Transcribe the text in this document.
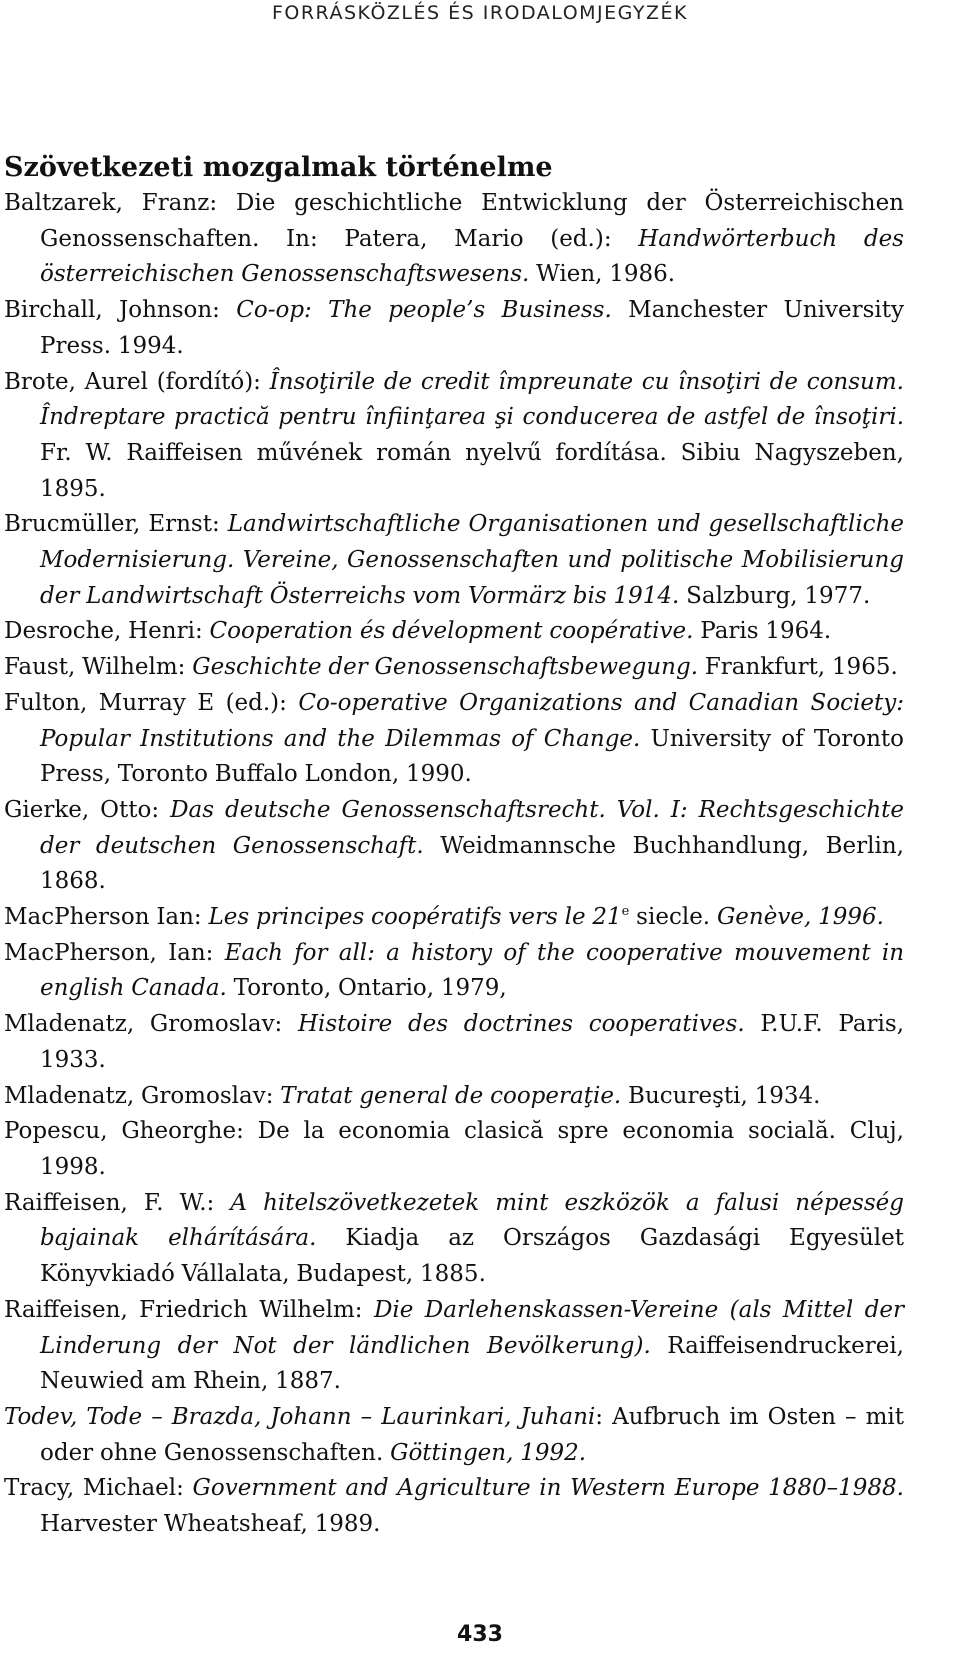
FORRÁSKÖZLÉS ÉS IRODALOMJEGYZÉK
Szövetkezeti mozgalmak történelme
Baltzarek, Franz: Die geschichtliche Entwicklung der Österreichischen Genossenschaften. In: Patera, Mario (ed.): Handwörterbuch des österreichischen Genossenschaftswesens. Wien, 1986.
Birchall, Johnson: Co-op: The people’s Business. Manchester University Press. 1994.
Brote, Aurel (fordító): Însoţirile de credit împreunate cu însoţiri de consum. Îndreptare practică pentru înfiinţarea şi conducerea de astfel de însoţiri. Fr. W. Raiffeisen művének román nyelvű fordítása. Sibiu Nagyszeben, 1895.
Brucmüller, Ernst: Landwirtschaftliche Organisationen und gesellschaftliche Modernisierung. Vereine, Genossenschaften und politische Mobilisierung der Landwirtschaft Österreichs vom Vormärz bis 1914. Salzburg, 1977.
Desroche, Henri: Cooperation és dévelopment coopérative. Paris 1964.
Faust, Wilhelm: Geschichte der Genossenschaftsbewegung. Frankfurt, 1965.
Fulton, Murray E (ed.): Co-operative Organizations and Canadian Society: Popular Institutions and the Dilemmas of Change. University of Toronto Press, Toronto Buffalo London, 1990.
Gierke, Otto: Das deutsche Genossenschaftsrecht. Vol. I: Rechtsgeschichte der deutschen Genossenschaft. Weidmannsche Buchhandlung, Berlin, 1868.
MacPherson Ian: Les principes coopératifs vers le 21e siecle. Genève, 1996.
MacPherson, Ian: Each for all: a history of the cooperative mouvement in english Canada. Toronto, Ontario, 1979,
Mladenatz, Gromoslav: Histoire des doctrines cooperatives. P.U.F. Paris, 1933.
Mladenatz, Gromoslav: Tratat general de cooperaţie. Bucureşti, 1934.
Popescu, Gheorghe: De la economia clasică spre economia socială. Cluj, 1998.
Raiffeisen, F. W.: A hitelszövetkezetek mint eszközök a falusi népesség bajainak elhárítására. Kiadja az Országos Gazdasági Egyesület Könyvkiadó Vállalata, Budapest, 1885.
Raiffeisen, Friedrich Wilhelm: Die Darlehenskassen-Vereine (als Mittel der Linderung der Not der ländlichen Bevölkerung). Raiffeisendruckerei, Neuwied am Rhein, 1887.
Todev, Tode – Brazda, Johann – Laurinkari, Juhani: Aufbruch im Osten – mit oder ohne Genossenschaften. Göttingen, 1992.
Tracy, Michael: Government and Agriculture in Western Europe 1880–1988. Harvester Wheatsheaf, 1989.
433
